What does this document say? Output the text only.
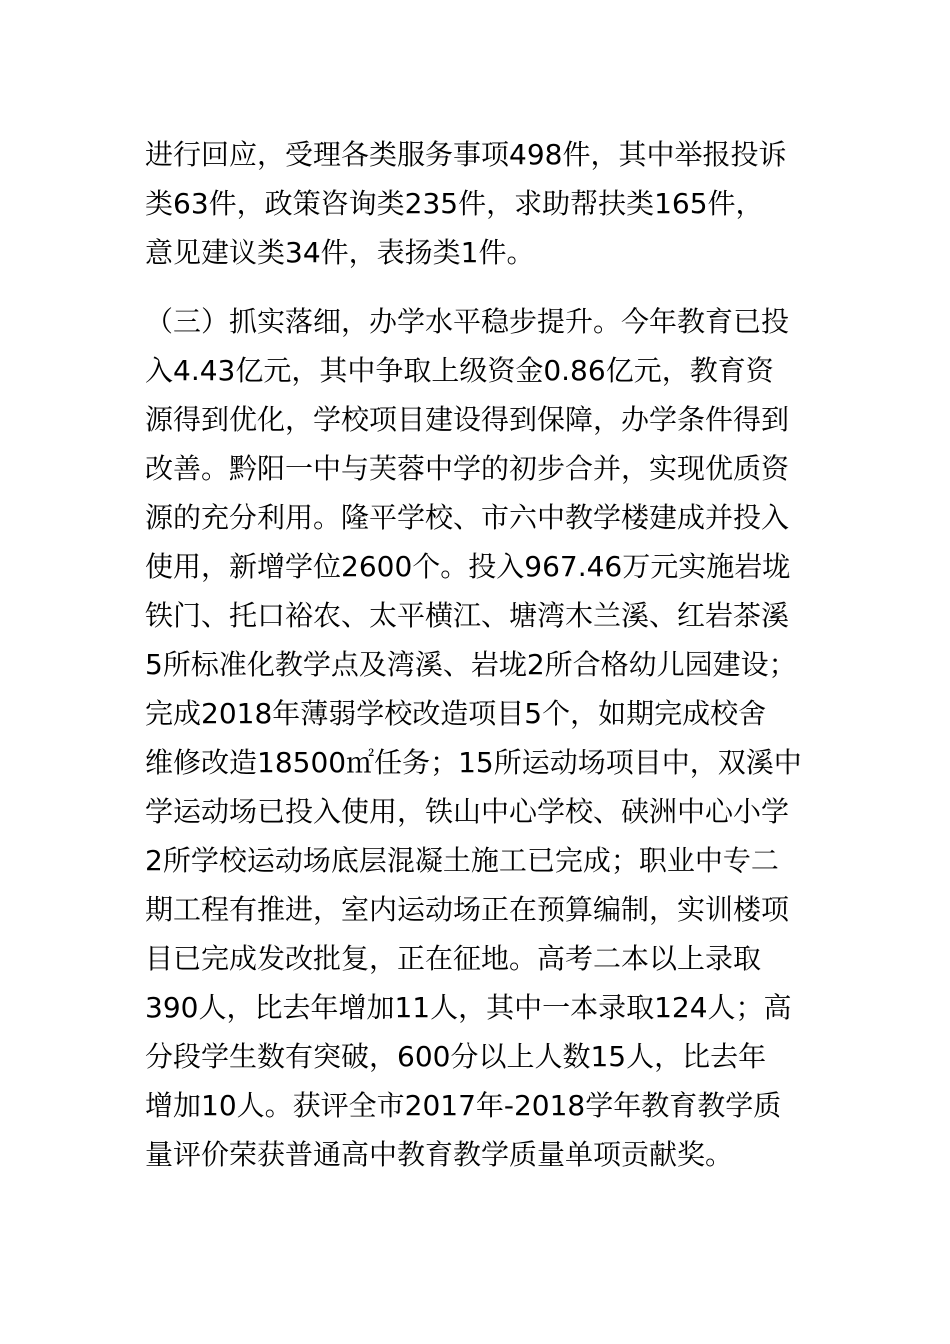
进行回应，受理各类服务事项498件，其中举报投诉
类63件，政策咨询类235件，求助帮扶类165件，
意见建议类34件，表扬类1件。

（三）抓实落细，办学水平稳步提升。今年教育已投
入4.43亿元，其中争取上级资金0.86亿元，教育资
源得到优化，学校项目建设得到保障，办学条件得到
改善。黔阳一中与芙蓉中学的初步合并，实现优质资
源的充分利用。隆平学校、市六中教学楼建成并投入
使用，新增学位2600个。投入967.46万元实施岩垅
铁门、托口裕农、太平横江、塘湾木兰溪、红岩茶溪
5所标准化教学点及湾溪、岩垅2所合格幼儿园建设；
完成2018年薄弱学校改造项目5个，如期完成校舍
维修改造18500㎡任务；15所运动场项目中，双溪中
学运动场已投入使用，铁山中心学校、硖洲中心小学
2所学校运动场底层混凝土施工已完成；职业中专二
期工程有推进，室内运动场正在预算编制，实训楼项
目已完成发改批复，正在征地。高考二本以上录取
390人，比去年增加11人，其中一本录取124人；高
分段学生数有突破，600分以上人数15人，比去年
增加10人。获评全市2017年-2018学年教育教学质
量评价荣获普通高中教育教学质量单项贡献奖。
